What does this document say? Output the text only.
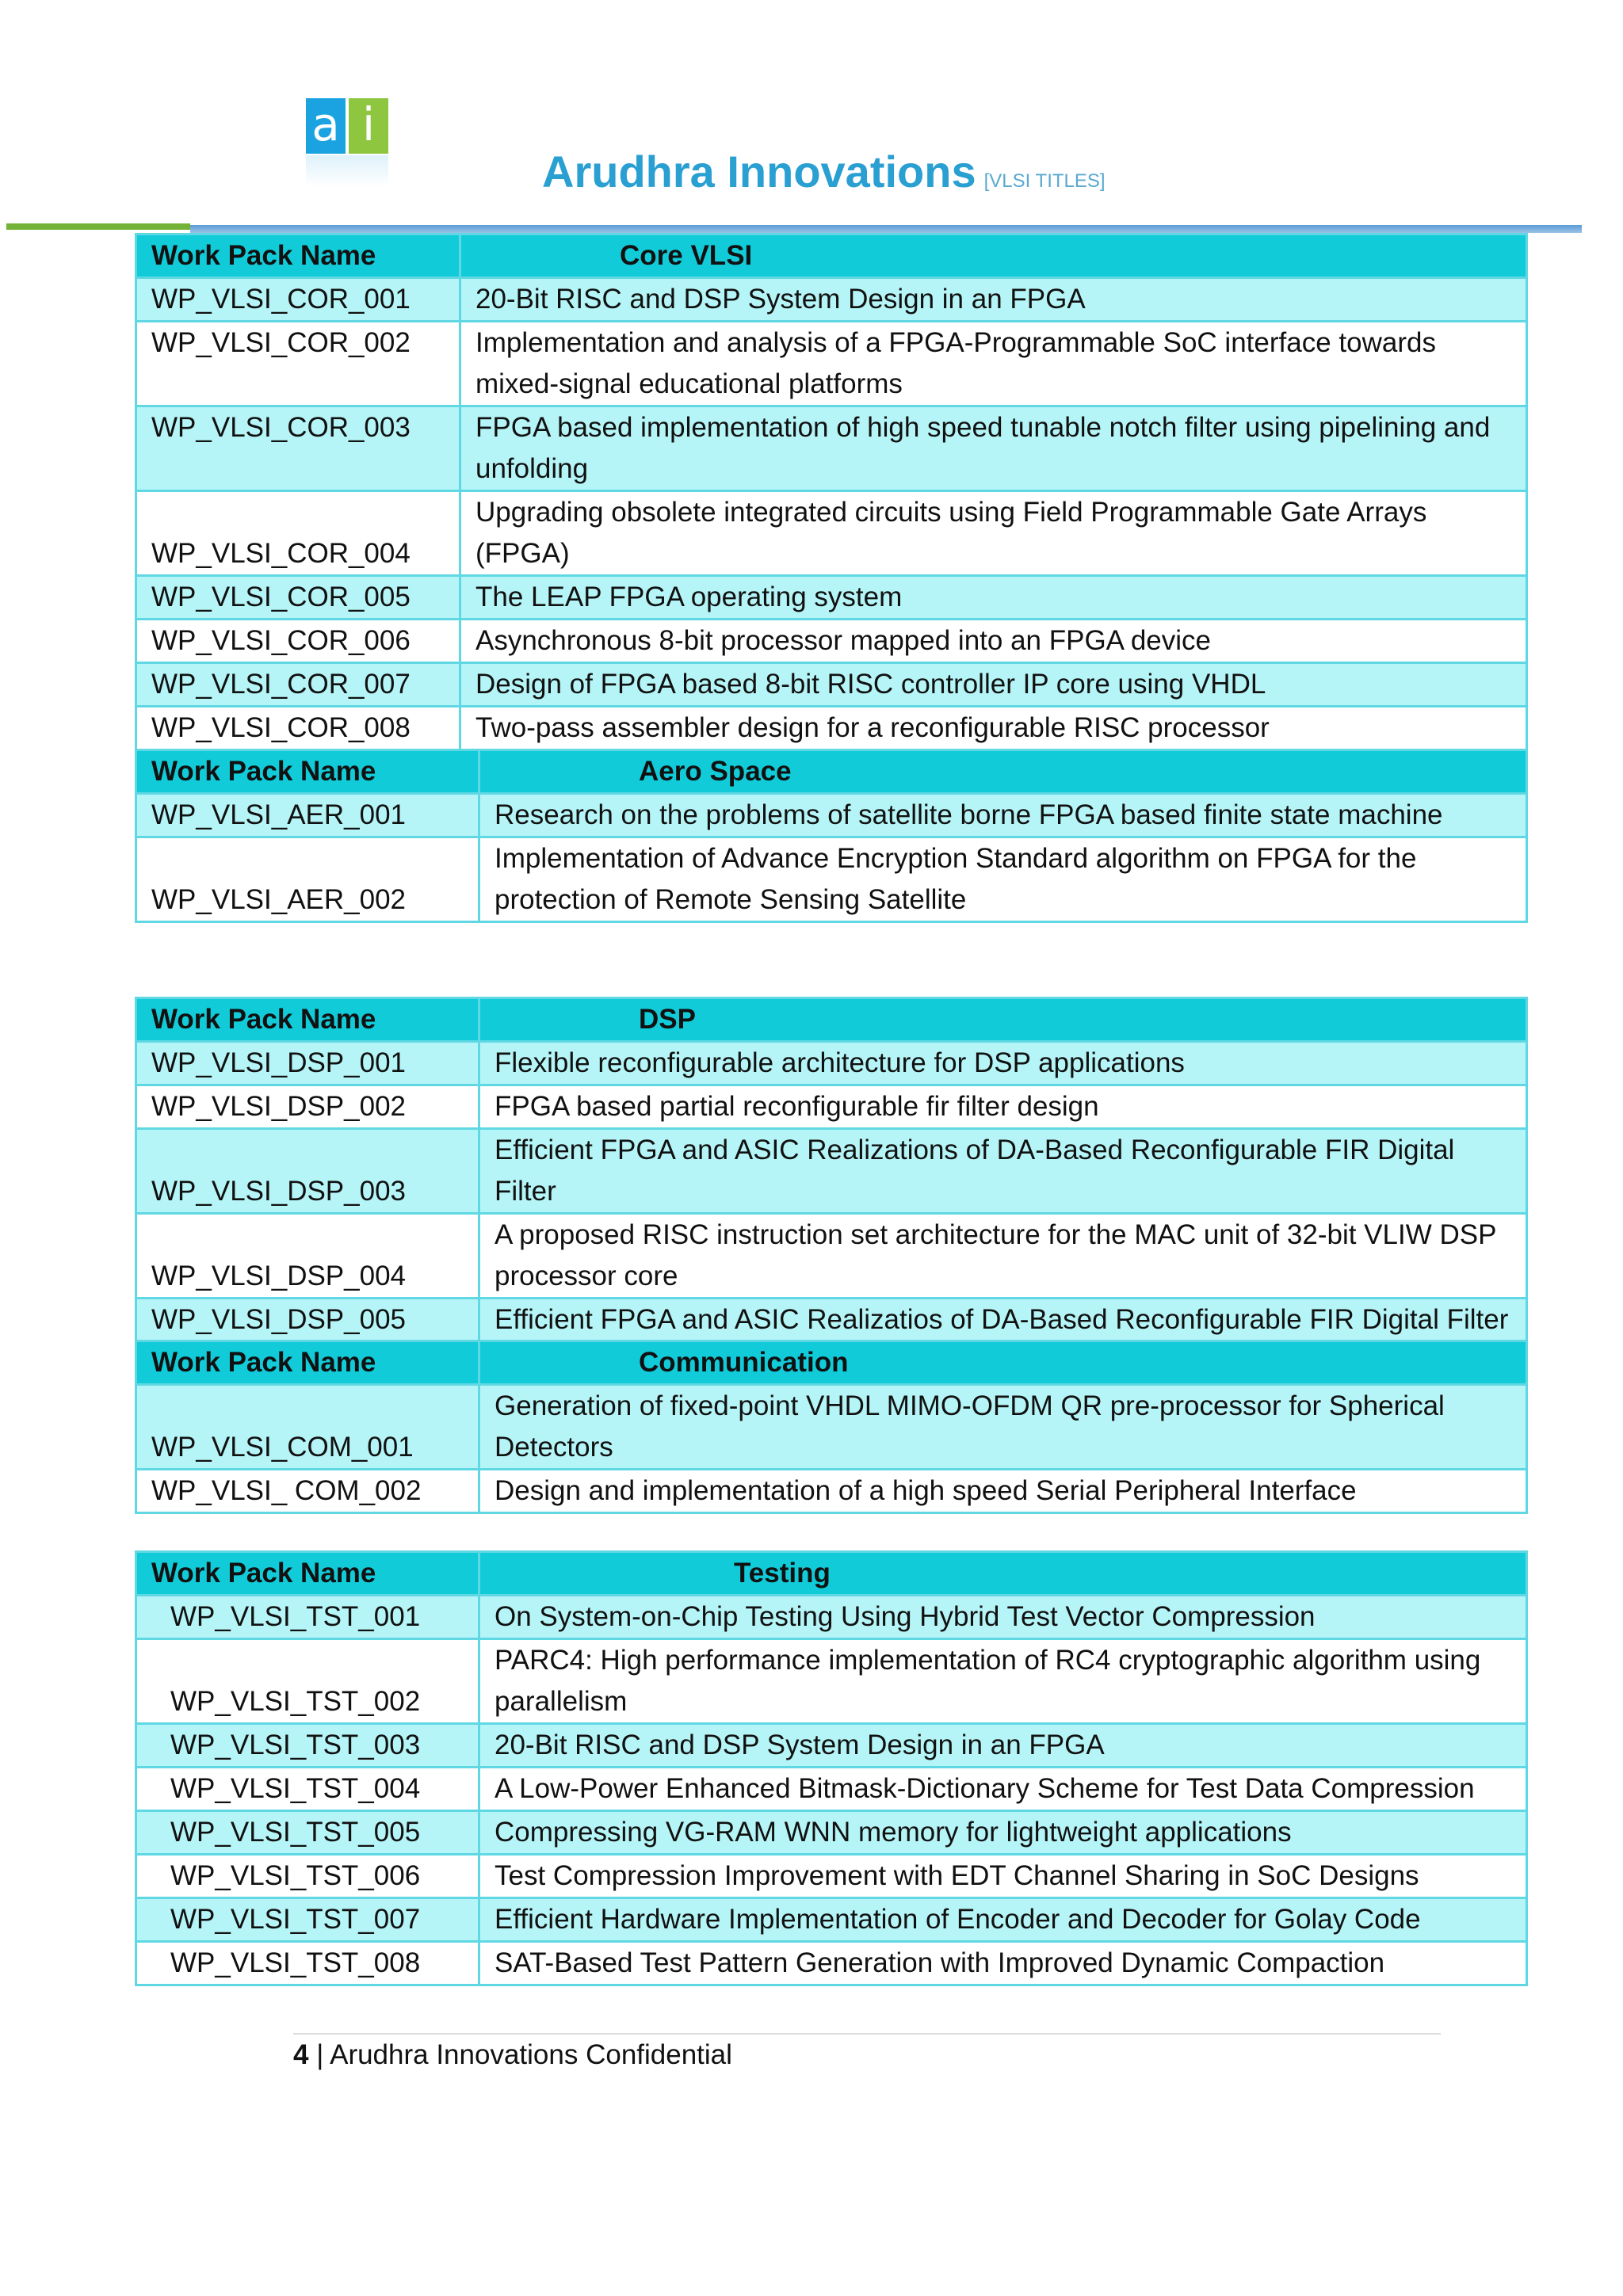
a i
Arudhra Innovations [VLSI TITLES]
Work Pack Name	Core VLSI
WP_VLSI_COR_001	20-Bit RISC and DSP System Design in an FPGA
WP_VLSI_COR_002	Implementation and analysis of a FPGA-Programmable SoC interface towards mixed-signal educational platforms
WP_VLSI_COR_003	FPGA based implementation of high speed tunable notch filter using pipelining and unfolding
WP_VLSI_COR_004	Upgrading obsolete integrated circuits using Field Programmable Gate Arrays (FPGA)
WP_VLSI_COR_005	The LEAP FPGA operating system
WP_VLSI_COR_006	Asynchronous 8-bit processor mapped into an FPGA device
WP_VLSI_COR_007	Design of FPGA based 8-bit RISC controller IP core using VHDL
WP_VLSI_COR_008	Two-pass assembler design for a reconfigurable RISC processor
Work Pack Name	Aero Space
WP_VLSI_AER_001	Research on the problems of satellite borne FPGA based finite state machine
WP_VLSI_AER_002	Implementation of Advance Encryption Standard algorithm on FPGA for the protection of Remote Sensing Satellite
Work Pack Name	DSP
WP_VLSI_DSP_001	Flexible reconfigurable architecture for DSP applications
WP_VLSI_DSP_002	FPGA based partial reconfigurable fir filter design
WP_VLSI_DSP_003	Efficient FPGA and ASIC Realizations of DA-Based Reconfigurable FIR Digital Filter
WP_VLSI_DSP_004	A proposed RISC instruction set architecture for the MAC unit of 32-bit VLIW DSP processor core
WP_VLSI_DSP_005	Efficient FPGA and ASIC Realizatios of DA-Based Reconfigurable FIR Digital Filter
Work Pack Name	Communication
WP_VLSI_COM_001	Generation of fixed-point VHDL MIMO-OFDM QR pre-processor for Spherical Detectors
WP_VLSI_ COM_002	Design and implementation of a high speed Serial Peripheral Interface
Work Pack Name	Testing
WP_VLSI_TST_001	On System-on-Chip Testing Using Hybrid Test Vector Compression
WP_VLSI_TST_002	PARC4: High performance implementation of RC4 cryptographic algorithm using parallelism
WP_VLSI_TST_003	20-Bit RISC and DSP System Design in an FPGA
WP_VLSI_TST_004	A Low-Power Enhanced Bitmask-Dictionary Scheme for Test Data Compression
WP_VLSI_TST_005	Compressing VG-RAM WNN memory for lightweight applications
WP_VLSI_TST_006	Test Compression Improvement with EDT Channel Sharing in SoC Designs
WP_VLSI_TST_007	Efficient Hardware Implementation of Encoder and Decoder for Golay Code
WP_VLSI_TST_008	SAT-Based Test Pattern Generation with Improved Dynamic Compaction
4 | Arudhra Innovations Confidential
